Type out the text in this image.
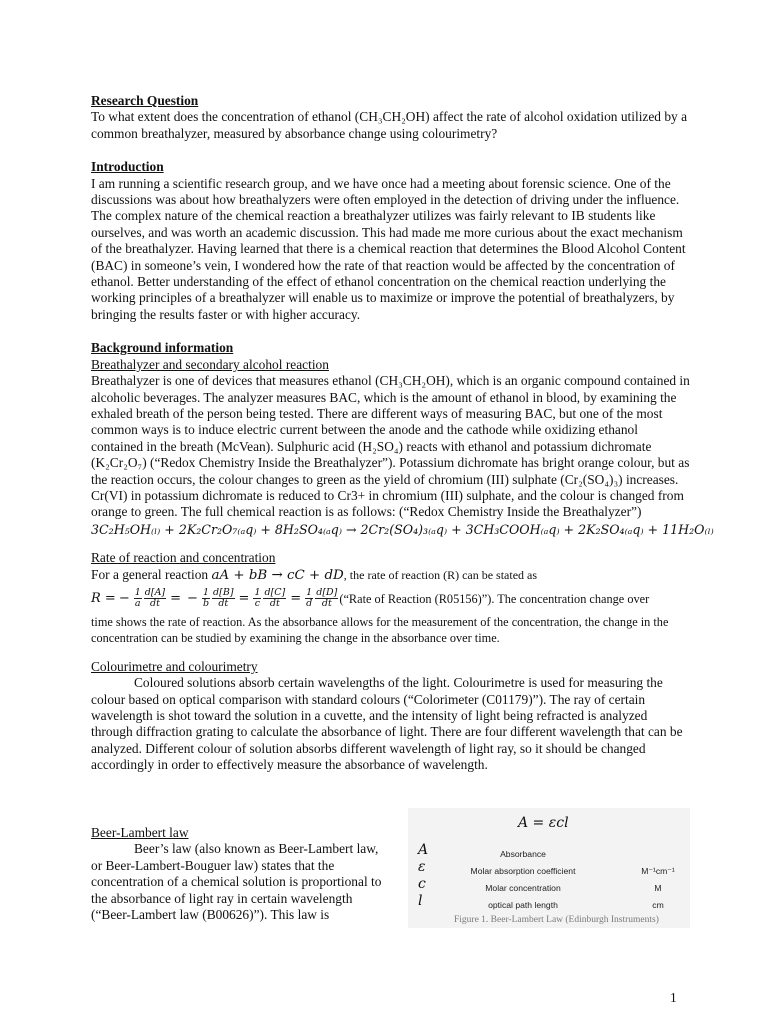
Research Question

To what extent does the concentration of ethanol (CH₃CH₂OH) affect the rate of alcohol oxidation utilized by a common breathalyzer, measured by absorbance change using colourimetry?

Introduction

I am running a scientific research group, and we have once had a meeting about forensic science. One of the discussions was about how breathalyzers were often employed in the detection of driving under the influence. The complex nature of the chemical reaction a breathalyzer utilizes was fairly relevant to IB students like ourselves, and was worth an academic discussion. This had made me more curious about the exact mechanism of the breathalyzer. Having learned that there is a chemical reaction that determines the Blood Alcohol Content (BAC) in someone’s vein, I wondered how the rate of that reaction would be affected by the concentration of ethanol. Better understanding of the effect of ethanol concentration on the chemical reaction underlying the working principles of a breathalyzer will enable us to maximize or improve the potential of breathalyzers, by bringing the results faster or with higher accuracy.

Background information

Breathalyzer and secondary alcohol reaction

Breathalyzer is one of devices that measures ethanol (CH₃CH₂OH), which is an organic compound contained in alcoholic beverages. The analyzer measures BAC, which is the amount of ethanol in blood, by examining the exhaled breath of the person being tested. There are different ways of measuring BAC, but one of the most common ways is to induce electric current between the anode and the cathode while oxidizing ethanol contained in the breath (McVean). Sulphuric acid (H₂SO₄) reacts with ethanol and potassium dichromate (K₂Cr₂O₇) (“Redox Chemistry Inside the Breathalyzer”). Potassium dichromate has bright orange colour, but as the reaction occurs, the colour changes to green as the yield of chromium (III) sulphate (Cr₂(SO₄)₃) increases. Cr(VI) in potassium dichromate is reduced to Cr3+ in chromium (III) sulphate, and the colour is changed from orange to green. The full chemical reaction is as follows: (“Redox Chemistry Inside the Breathalyzer”)

3C₂H₅OH₍ₗ₎ + 2K₂Cr₂O₇₍ₐq₎ + 8H₂SO₄₍ₐq₎ → 2Cr₂(SO₄)₃₍ₐq₎ + 3CH₃COOH₍ₐq₎ + 2K₂SO₄₍ₐq₎ + 11H₂O₍ₗ₎

Rate of reaction and concentration

For a general reaction aA + bB → cC + dD, the rate of reaction (R) can be stated as

R = − $\frac{1}{a} \frac{d[A]}{dt}$ = − $\frac{1}{b} \frac{d[B]}{dt} = \frac{1}{c} \frac{d[C]}{dt} = \frac{1}{d} \frac{d[D]}{dt}$ (“Rate of Reaction (R05156)”). The concentration change over

time shows the rate of reaction. As the absorbance allows for the measurement of the concentration, the change in the concentration can be studied by examining the change in the absorbance over time.

Colourimetre and colourimetry

Coloured solutions absorb certain wavelengths of the light. Colourimetre is used for measuring the colour based on optical comparison with standard colours (“Colorimeter (C01179)”). The ray of certain wavelength is shot toward the solution in a cuvette, and the intensity of light being refracted is analyzed through diffraction grating to calculate the absorbance of light. There are four different wavelength that can be analyzed. Different colour of solution absorbs different wavelength of light ray, so it should be changed accordingly in order to effectively measure the absorbance of wavelength.

Beer-Lambert law

Beer’s law (also known as Beer-Lambert law, or Beer-Lambert-Bouguer law) states that the concentration of a chemical solution is proportional to the absorbance of light ray in certain wavelength (“Beer-Lambert law (B00626)”). This law is

A = εcl
A	Absorbance
ε	Molar absorption coefficient	M⁻¹cm⁻¹
c	Molar concentration	M
l	optical path length	cm
Figure 1. Beer-Lambert Law (Edinburgh Instruments)
1
